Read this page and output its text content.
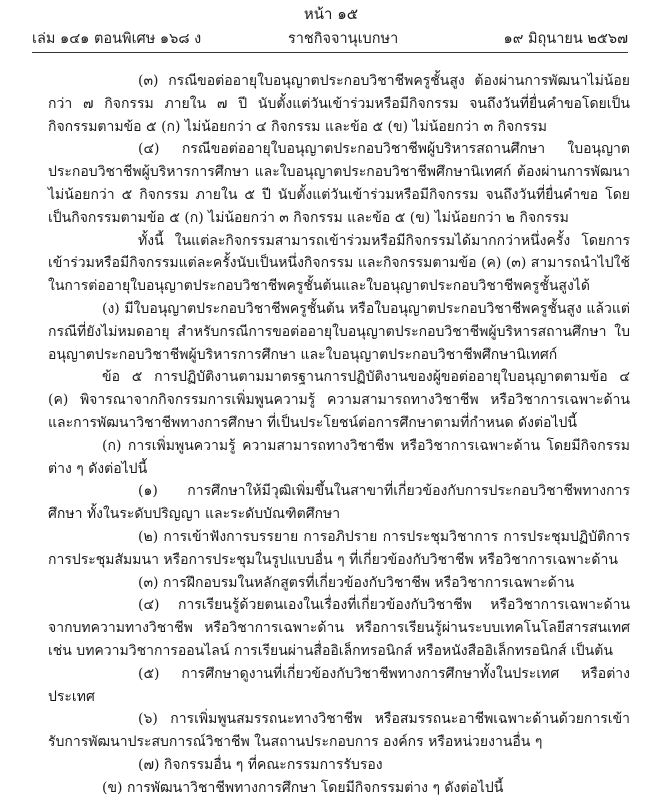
หน้า ๑๕
เล่ม ๑๔๑ ตอนพิเศษ ๑๖๘ ง	ราชกิจจานุเบกษา	๑๙ มิถุนายน ๒๕๖๗

(๓) กรณีขอต่ออายุใบอนุญาตประกอบวิชาชีพครูชั้นสูง ต้องผ่านการพัฒนาไม่น้อยกว่า ๗ กิจกรรม ภายใน ๗ ปี นับตั้งแต่วันเข้าร่วมหรือมีกิจกรรม จนถึงวันที่ยื่นคำขอโดยเป็นกิจกรรมตามข้อ ๕ (ก) ไม่น้อยกว่า ๔ กิจกรรม และข้อ ๕ (ข) ไม่น้อยกว่า ๓ กิจกรรม

(๔) กรณีขอต่ออายุใบอนุญาตประกอบวิชาชีพผู้บริหารสถานศึกษา ใบอนุญาตประกอบวิชาชีพผู้บริหารการศึกษา และใบอนุญาตประกอบวิชาชีพศึกษานิเทศก์ ต้องผ่านการพัฒนาไม่น้อยกว่า ๕ กิจกรรม ภายใน ๕ ปี นับตั้งแต่วันเข้าร่วมหรือมีกิจกรรม จนถึงวันที่ยื่นคำขอ โดยเป็นกิจกรรมตามข้อ ๕ (ก) ไม่น้อยกว่า ๓ กิจกรรม และข้อ ๕ (ข) ไม่น้อยกว่า ๒ กิจกรรม

ทั้งนี้ ในแต่ละกิจกรรมสามารถเข้าร่วมหรือมีกิจกรรมได้มากกว่าหนึ่งครั้ง โดยการเข้าร่วมหรือมีกิจกรรมแต่ละครั้งนับเป็นหนึ่งกิจกรรม และกิจกรรมตามข้อ (ค) (๓) สามารถนำไปใช้ในการต่ออายุใบอนุญาตประกอบวิชาชีพครูชั้นต้นและใบอนุญาตประกอบวิชาชีพครูชั้นสูงได้

(ง) มีใบอนุญาตประกอบวิชาชีพครูชั้นต้น หรือใบอนุญาตประกอบวิชาชีพครูชั้นสูง แล้วแต่กรณีที่ยังไม่หมดอายุ สำหรับกรณีการขอต่ออายุใบอนุญาตประกอบวิชาชีพผู้บริหารสถานศึกษา ใบอนุญาตประกอบวิชาชีพผู้บริหารการศึกษา และใบอนุญาตประกอบวิชาชีพศึกษานิเทศก์

ข้อ ๕ การปฏิบัติงานตามมาตรฐานการปฏิบัติงานของผู้ขอต่ออายุใบอนุญาตตามข้อ ๔ (ค) พิจารณาจากกิจกรรมการเพิ่มพูนความรู้ ความสามารถทางวิชาชีพ หรือวิชาการเฉพาะด้านและการพัฒนาวิชาชีพทางการศึกษา ที่เป็นประโยชน์ต่อการศึกษาตามที่กำหนด ดังต่อไปนี้

(ก) การเพิ่มพูนความรู้ ความสามารถทางวิชาชีพ หรือวิชาการเฉพาะด้าน โดยมีกิจกรรมต่าง ๆ ดังต่อไปนี้

(๑) การศึกษาให้มีวุฒิเพิ่มขึ้นในสาขาที่เกี่ยวข้องกับการประกอบวิชาชีพทางการศึกษา ทั้งในระดับปริญญา และระดับบัณฑิตศึกษา

(๒) การเข้าฟังการบรรยาย การอภิปราย การประชุมวิชาการ การประชุมปฏิบัติการ การประชุมสัมมนา หรือการประชุมในรูปแบบอื่น ๆ ที่เกี่ยวข้องกับวิชาชีพ หรือวิชาการเฉพาะด้าน

(๓) การฝึกอบรมในหลักสูตรที่เกี่ยวข้องกับวิชาชีพ หรือวิชาการเฉพาะด้าน

(๔) การเรียนรู้ด้วยตนเองในเรื่องที่เกี่ยวข้องกับวิชาชีพ หรือวิชาการเฉพาะด้าน จากบทความทางวิชาชีพ หรือวิชาการเฉพาะด้าน หรือการเรียนรู้ผ่านระบบเทคโนโลยีสารสนเทศ เช่น บทความวิชาการออนไลน์ การเรียนผ่านสื่ออิเล็กทรอนิกส์ หรือหนังสืออิเล็กทรอนิกส์ เป็นต้น

(๕) การศึกษาดูงานที่เกี่ยวข้องกับวิชาชีพทางการศึกษาทั้งในประเทศ หรือต่างประเทศ

(๖) การเพิ่มพูนสมรรถนะทางวิชาชีพ หรือสมรรถนะอาชีพเฉพาะด้านด้วยการเข้ารับการพัฒนาประสบการณ์วิชาชีพ ในสถานประกอบการ องค์กร หรือหน่วยงานอื่น ๆ

(๗) กิจกรรมอื่น ๆ ที่คณะกรรมการรับรอง

(ข) การพัฒนาวิชาชีพทางการศึกษา โดยมีกิจกรรมต่าง ๆ ดังต่อไปนี้
